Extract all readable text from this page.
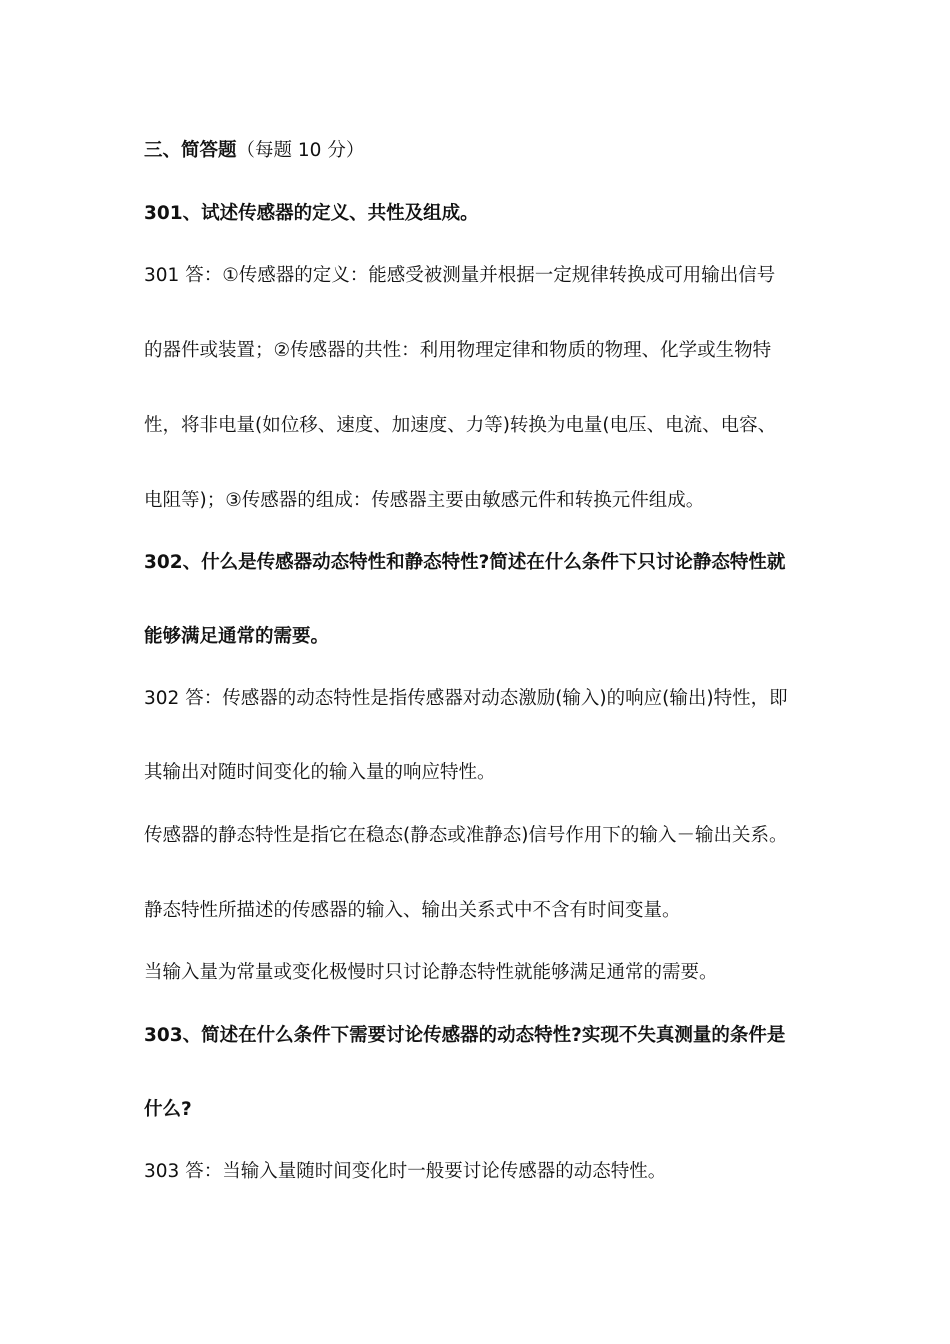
三、简答题（每题 10 分）
301、试述传感器的定义、共性及组成。
301 答：①传感器的定义：能感受被测量并根据一定规律转换成可用输出信号
的器件或装置；②传感器的共性：利用物理定律和物质的物理、化学或生物特
性，将非电量(如位移、速度、加速度、力等)转换为电量(电压、电流、电容、
电阻等)；③传感器的组成：传感器主要由敏感元件和转换元件组成。
302、什么是传感器动态特性和静态特性?简述在什么条件下只讨论静态特性就
能够满足通常的需要。
302 答：传感器的动态特性是指传感器对动态激励(输入)的响应(输出)特性，即
其输出对随时间变化的输入量的响应特性。
传感器的静态特性是指它在稳态(静态或准静态)信号作用下的输入－输出关系。
静态特性所描述的传感器的输入、输出关系式中不含有时间变量。
当输入量为常量或变化极慢时只讨论静态特性就能够满足通常的需要。
303、简述在什么条件下需要讨论传感器的动态特性?实现不失真测量的条件是
什么?
303 答：当输入量随时间变化时一般要讨论传感器的动态特性。
